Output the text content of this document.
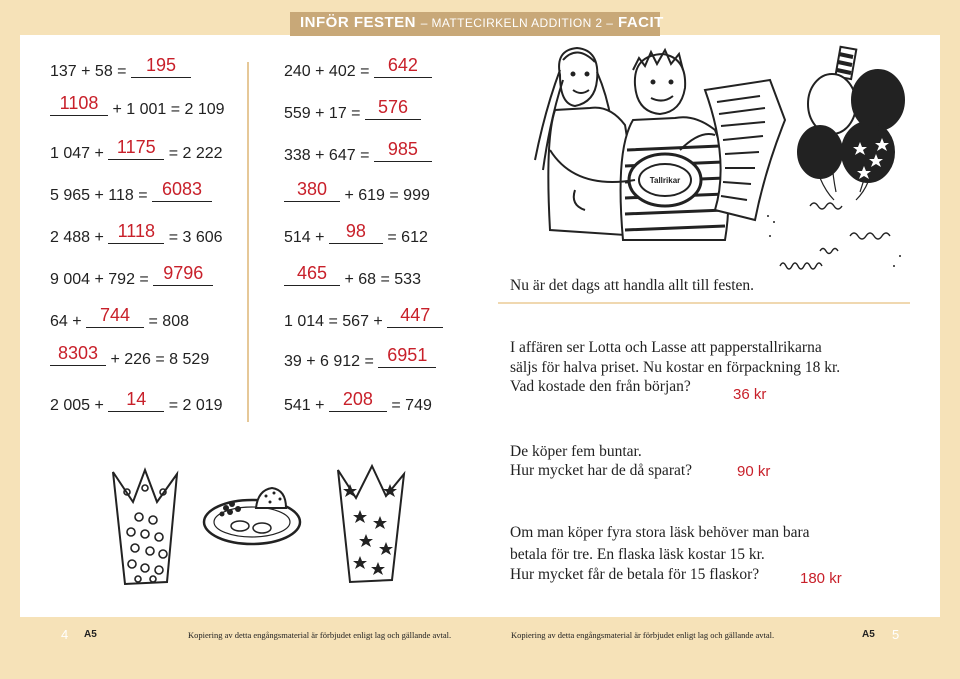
INFÖR FESTEN – MATTECIRKELN ADDITION 2 – FACIT
137 + 58 =	195
1108 + 1 001 = 2 109
1 047 + 1175 = 2 222
5 965 + 118 = 6083
2 488 + 1118 = 3 606
9 004 + 792 = 9796
64 +	744	= 808
8303 + 226 = 8 529
2 005 +	14	= 2 019
240 + 402 =	642
559 + 17 = 576
338 + 647 =	985
380	+ 619 = 999
514 +	98	= 612
465	+ 68 = 533
1 014 = 567 + 447
39 + 6 912 = 6951
541 +	208	= 749
Tallrikar
Nu är det dags att handla allt till festen.
I affären ser Lotta och Lasse att papperstallrikarna
säljs för halva priset. Nu kostar en förpackning 18 kr.
Vad kostade den från början?	36 kr
De köper fem buntar.
Hur mycket har de då sparat?	90 kr
Om man köper fyra stora läsk behöver man bara
betala för tre. En flaska läsk kostar 15 kr.
Hur mycket får de betala för 15 flaskor?	180 kr
4 A5	Kopiering av detta engångsmaterial är förbjudet enligt lag och gällande avtal.	Kopiering av detta engångsmaterial är förbjudet enligt lag och gällande avtal.	A5 5
